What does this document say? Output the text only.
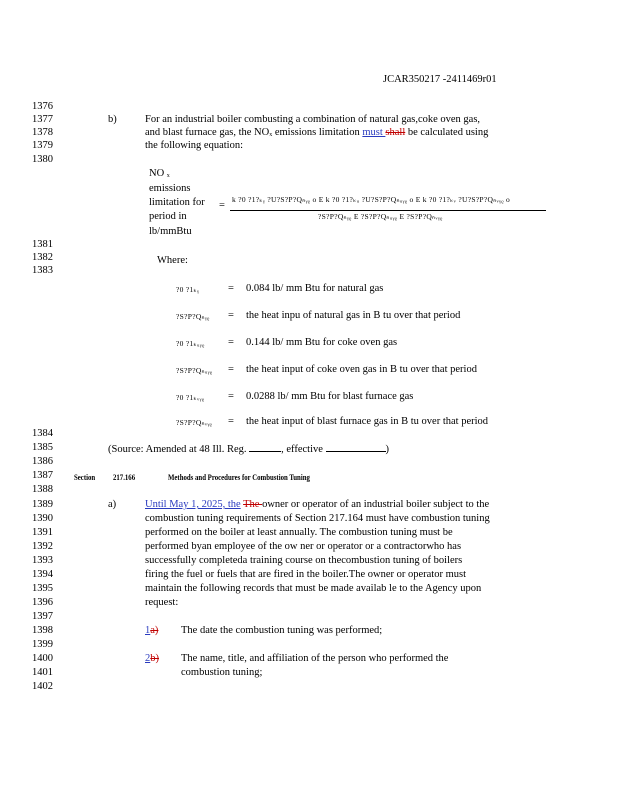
JCAR350217 -2411469r01
1376
1377
1378
1379
1380
1381
1382
1383
1384
1385
1386
1387
1388
1389
1390
1391
1392
1393
1394
1395
1396
1397
1398
1399
1400
1401
1402
b)	For an industrial boiler combusting a combination of natural gas,coke oven gas,
and blast furnace gas, the NOx emissions limitation must shall be calculated using
the following equation:
NO x
emissions
limitation for =
period in
lb/mmBtu
k ?0 ?1?ₖᵧ ?U?S?P?Qₙᵧᵨ o E k ?0 ?1?ₖᵤ ?U?S?P?Qₙᵤᵧᵨ o E k ?0 ?1?ₖᵥ ?U?S?P?Qₙᵥᵧᵨ o
?S?P?Qₙᵧᵨ E ?S?P?Qₙᵤᵧᵨ E ?S?P?Qₙᵥᵧᵨ
Where:
?0 ?1ₖᵧ	= 0.084 lb/ mm Btu for natural gas
?S?P?Qₙᵧᵨ = the heat inpu of natural gas in B tu over that period
?0 ?1ₖᵤᵧᵨ = 0.144 lb/ mm Btu for coke oven gas
?S?P?Qₙᵤᵧᵨ = the heat input of coke oven gas in B tu over that period
?0 ?1ₖᵥᵧᵨ = 0.0288 lb/ mm Btu for blast furnace gas
?S?P?Qₙᵥᵧᵨ = the heat input of blast furnace gas in B tu over that period
(Source: Amended at 48 Ill. Reg.	, effective	)
Section 217.166	Methods and Procedures for Combustion Tuning
a)	Until May 1, 2025, the The owner or operator of an industrial boiler subject to the
combustion tuning requirements of Section 217.164 must have combustion tuning
performed on the boiler at least annually. The combustion tuning must be
performed byan employee of the ow ner or operator or a contractorwho has
successfully completeda training course on thecombustion tuning of boilers
firing the fuel or fuels that are fired in the boiler.The owner or operator must
maintain the following records that must be made availab le to the Agency upon
request:
1a) The date the combustion tuning was performed;
2b) The name, title, and affiliation of the person who performed the
combustion tuning;
